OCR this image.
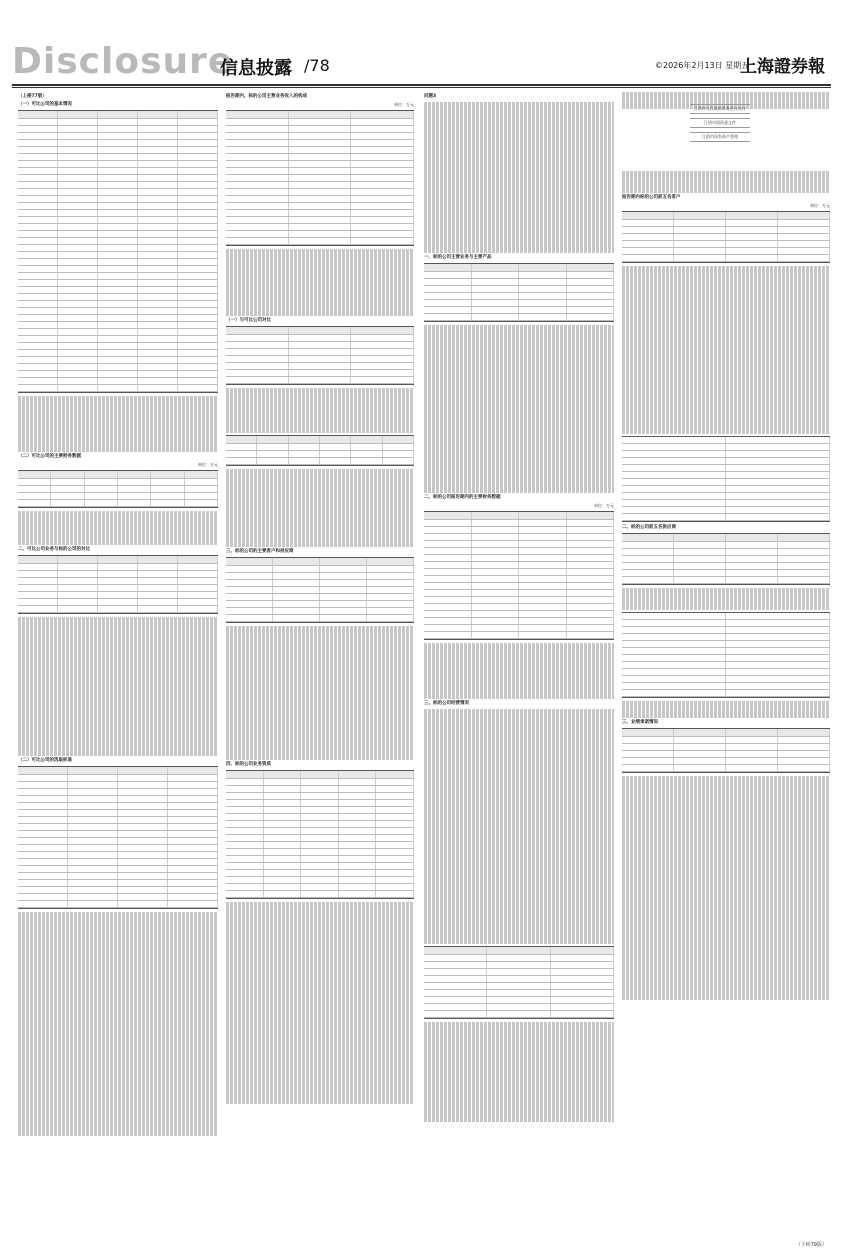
Disclosure
信息披露 /78	©2026年2月13日 星期五
上海證券報
（上接77版）
（一）可比公司的基本情况
（二）可比公司的主要财务数据
单位：万元
二、可比公司业务与标的公司的对比
（二）可比公司的选取标准
报告期内，标的公司主营业务收入的构成
单位：万元
（一）与可比公司对比
三、标的公司的主要客户和供应商
四、标的公司业务资质
问题3
一、标的公司主营业务与主要产品
二、标的公司报告期内的主要财务数据
单位：万元
三、标的公司经营情况
报告期内标的公司前五名客户
单位：万元
二、标的公司前五名供应商
三、业绩承诺情况
江阴市人民政府常务会议决议
江阴市国资委文件
江阴市国有资产管理
（下转79版）
